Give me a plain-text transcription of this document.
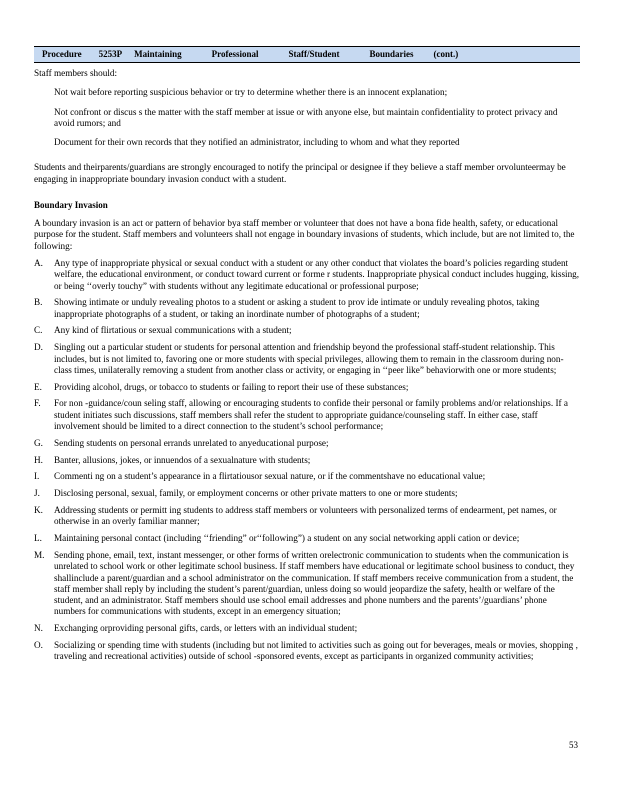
Procedure 5253P Maintaining	Professional	Staff/Student	Boundaries (cont.)

Staff members should:

Not wait before reporting suspicious behavior or try to determine whether there is an innocent explanation;
Not confront or discus s the matter with the staff member at issue or with anyone else, but maintain confidentiality to protect privacy and avoid rumors; and
Document for their own records that they notified an administrator, including to whom and what they reported

Students and theirparents/guardians are strongly encouraged to notify the principal or designee if they believe a staff member orvolunteermay be engaging in inappropriate boundary invasion conduct with a student.

Boundary Invasion

A boundary invasion is an act or pattern of behavior bya staff member or volunteer that does not have a bona fide health, safety, or educational purpose for the student. Staff members and volunteers shall not engage in boundary invasions of students, which include, but are not limited to, the following:

A.	Any type of inappropriate physical or sexual conduct with a student or any other conduct that violates the board’s policies regarding student welfare, the educational environment, or conduct toward current or forme r students. Inappropriate physical conduct includes hugging, kissing, or being ‘‘overly touchy” with students without any legitimate educational or professional purpose;
B.	Showing intimate or unduly revealing photos to a student or asking a student to prov ide intimate or unduly revealing photos, taking inappropriate photographs of a student, or taking an inordinate number of photographs of a student;
C.	Any kind of flirtatious or sexual communications with a student;
D.	Singling out a particular student or students for personal attention and friendship beyond the professional staff-student relationship. This includes, but is not limited to, favoring one or more students with special privileges, allowing them to remain in the classroom during non-class times, unilaterally removing a student from another class or activity, or engaging in ‘‘peer like” behaviorwith one or more students;
E.	Providing alcohol, drugs, or tobacco to students or failing to report their use of these substances;
F.	For non -guidance/coun seling staff, allowing or encouraging students to confide their personal or family problems and/or relationships. If a student initiates such discussions, staff members shall refer the student to appropriate guidance/counseling staff. In either case, staff involvement should be limited to a direct connection to the student’s school performance;
G.	Sending students on personal errands unrelated to anyeducational purpose;
H.	Banter, allusions, jokes, or innuendos of a sexualnature with students;
I.	Commenti ng on a student’s appearance in a flirtatiousor sexual nature, or if the commentshave no educational value;
J.	Disclosing personal, sexual, family, or employment concerns or other private matters to one or more students;
K.	Addressing students or permitt ing students to address staff members or volunteers with personalized terms of endearment, pet names, or otherwise in an overly familiar manner;
L.	Maintaining personal contact (including ‘‘friending” or‘‘following”) a student on any social networking appli cation or device;
M.	Sending phone, email, text, instant messenger, or other forms of written orelectronic communication to students when the communication is unrelated to school work or other legitimate school business. If staff members have educational or legitimate school business to conduct, they shallinclude a parent/guardian and a school administrator on the communication. If staff members receive communication from a student, the staff member shall reply by including the student’s parent/guardian, unless doing so would jeopardize the safety, health or welfare of the student, and an administrator. Staff members should use school email addresses and phone numbers and the parents’/guardians’ phone numbers for communications with students, except in an emergency situation;
N.	Exchanging orproviding personal gifts, cards, or letters with an individual student;
O.	Socializing or spending time with students (including but not limited to activities such as going out for beverages, meals or movies, shopping , traveling and recreational activities) outside of school -sponsored events, except as participants in organized community activities;
53
